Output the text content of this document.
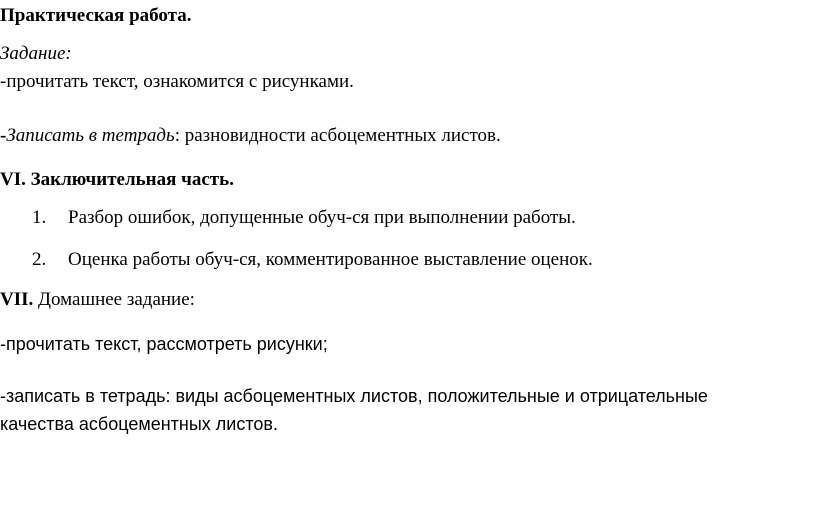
Практическая работа.
Задание:
-прочитать текст, ознакомится с рисунками.
-Записать в тетрадь: разновидности асбоцементных листов.
VI. Заключительная часть.
1. Разбор ошибок, допущенные обуч-ся при выполнении работы.
2. Оценка работы обуч-ся, комментированное выставление оценок.
VII. Домашнее задание:
-прочитать текст, рассмотреть рисунки;
-записать в тетрадь: виды асбоцементных листов, положительные и отрицательные
качества асбоцементных листов.
